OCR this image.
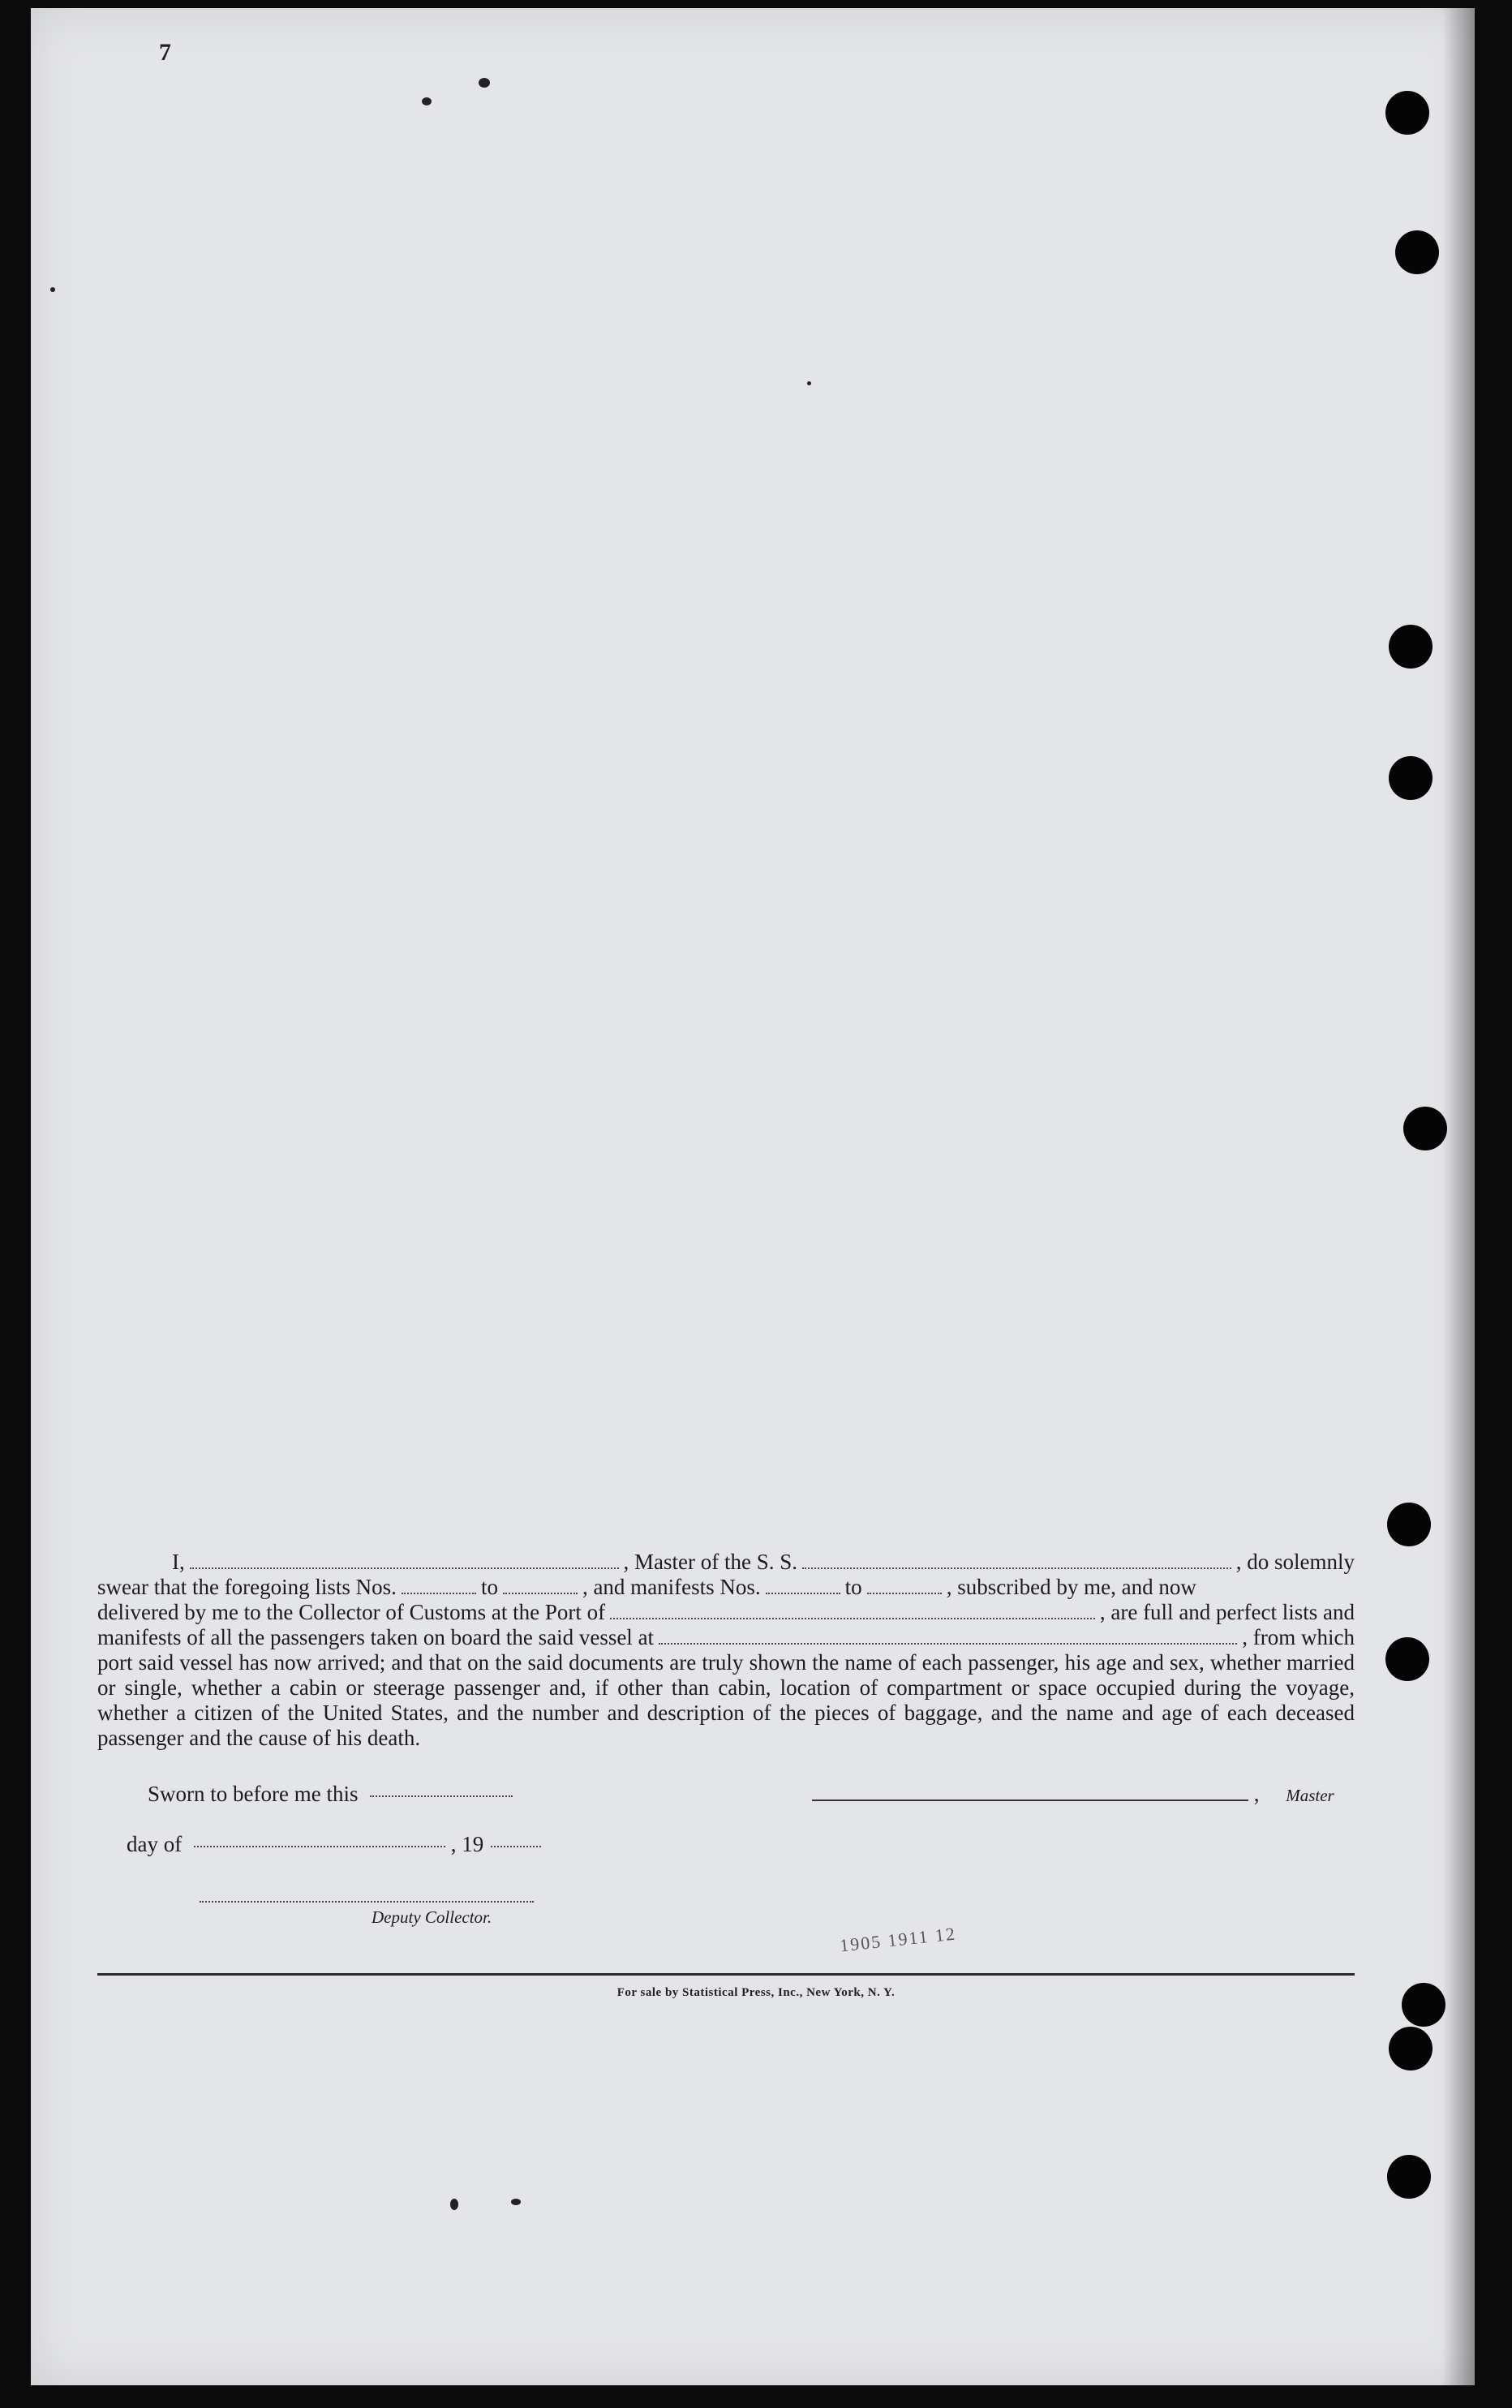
7
I,	, Master of the S. S.	, do solemnly
swear that the foregoing lists Nos.	to	, and manifests Nos.	to	, subscribed by me, and now
delivered by me to the Collector of Customs at the Port of	, are full and perfect lists and
manifests of all the passengers taken on board the said vessel at	, from which

port said vessel has now arrived; and that on the said documents are truly shown the name of each passenger, his age and sex, whether married or single, whether a cabin or steerage passenger and, if other than cabin, location of compartment or space occupied during the voyage, whether a citizen of the United States, and the number and description of the pieces of baggage, and the name and age of each deceased passenger and the cause of his death.

Sworn to before me this	, Master
day of	, 19
Deputy Collector.
1905 1911 12
For sale by Statistical Press, Inc., New York, N. Y.
